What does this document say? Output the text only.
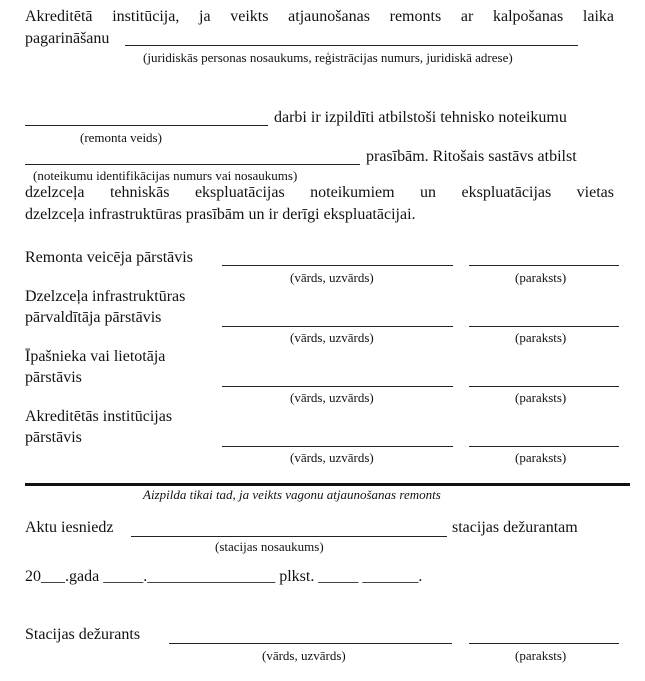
Akreditētā institūcija, ja veikts atjaunošanas remonts ar kalpošanas laika
pagarināšanu
(juridiskās personas nosaukums, reģistrācijas numurs, juridiskā adrese)
darbi ir izpildīti atbilstoši tehnisko noteikumu
(remonta veids)
prasībām. Ritošais sastāvs atbilst
(noteikumu identifikācijas numurs vai nosaukums)
dzelzceļa tehniskās ekspluatācijas noteikumiem un ekspluatācijas vietas
dzelzceļa infrastruktūras prasībām un ir derīgi ekspluatācijai.
Remonta veicēja pārstāvis
(vārds, uzvārds)	(paraksts)
Dzelzceļa infrastruktūras
pārvaldītāja pārstāvis
(vārds, uzvārds)	(paraksts)
Īpašnieka vai lietotāja
pārstāvis
(vārds, uzvārds)	(paraksts)
Akreditētās institūcijas
pārstāvis
(vārds, uzvārds)	(paraksts)
Aizpilda tikai tad, ja veikts vagonu atjaunošanas remonts
Aktu iesniedz	stacijas dežurantam
(stacijas nosaukums)
20___.gada _____.________________ plkst. _____ _______.
Stacijas dežurants
(vārds, uzvārds)	(paraksts)
